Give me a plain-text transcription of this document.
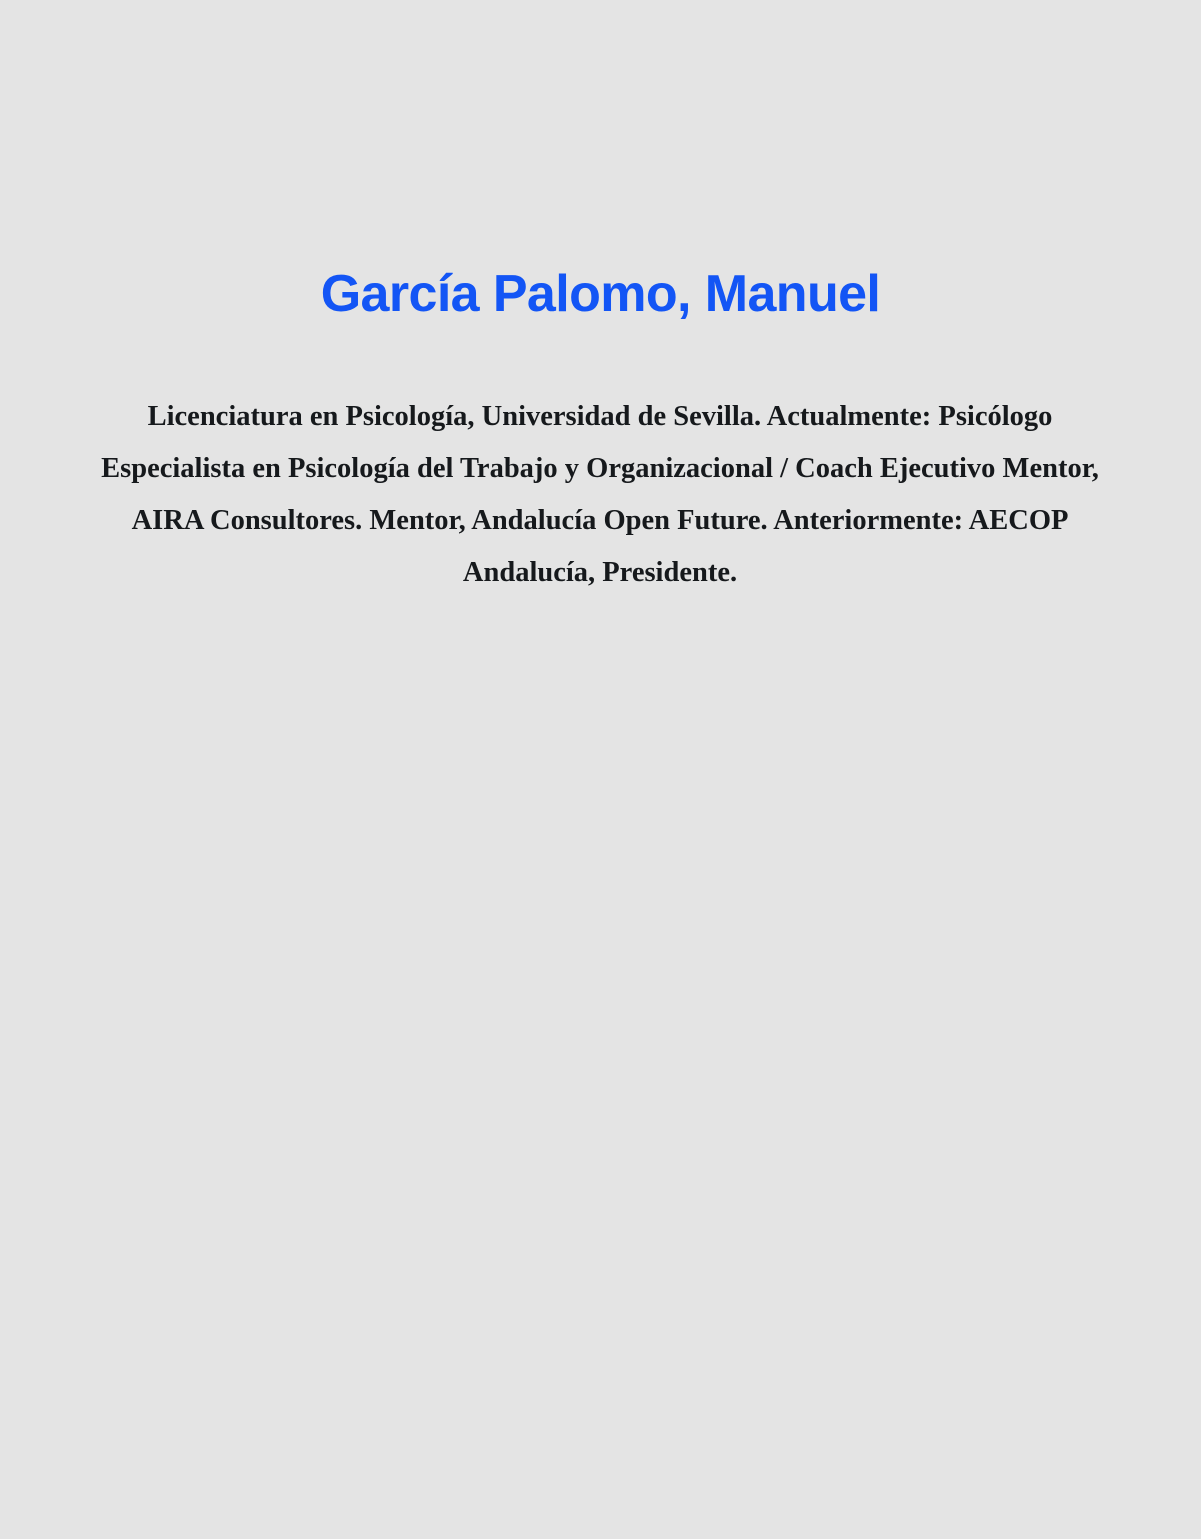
García Palomo, Manuel

Licenciatura en Psicología, Universidad de Sevilla. Actualmente: Psicólogo Especialista en Psicología del Trabajo y Organizacional / Coach Ejecutivo Mentor, AIRA Consultores. Mentor, Andalucía Open Future. Anteriormente: AECOP Andalucía, Presidente.
